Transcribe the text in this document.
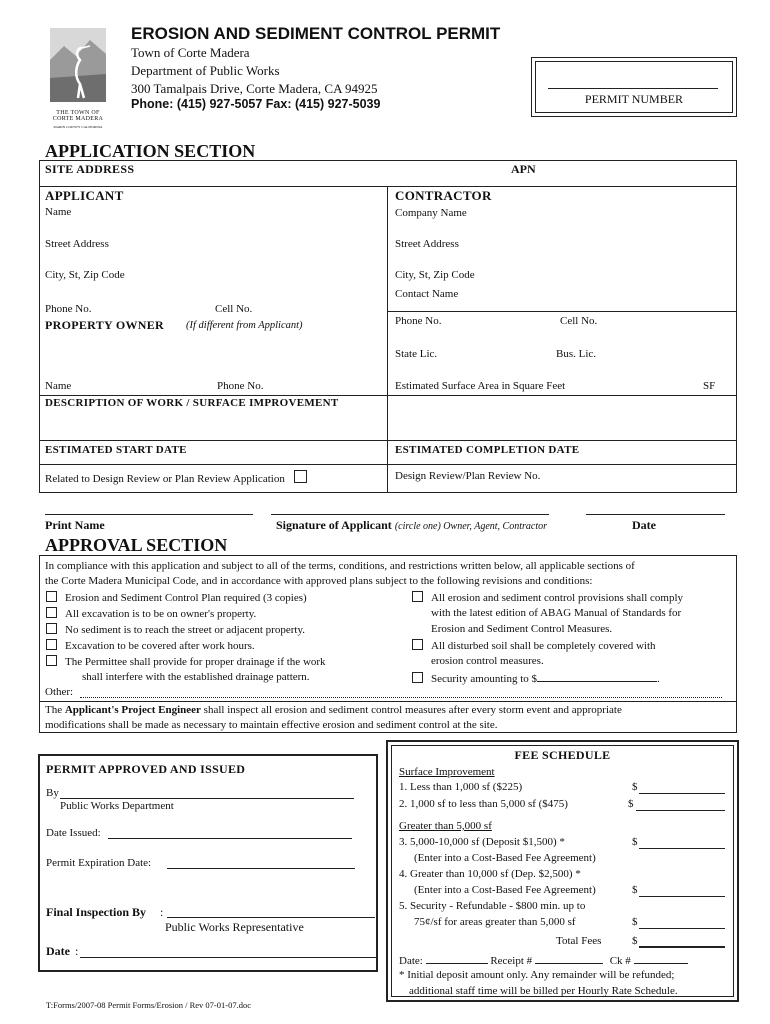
THE TOWN OF
CORTE MADERA
MARIN COUNTY CALIFORNIA
EROSION AND SEDIMENT CONTROL PERMIT
Town of Corte Madera
Department of Public Works
300 Tamalpais Drive, Corte Madera, CA 94925
Phone: (415) 927-5057 Fax: (415) 927-5039	PERMIT NUMBER
APPLICATION SECTION
SITE ADDRESS	APN
APPLICANT
Name
Street Address
City, St, Zip Code
Phone No.	Cell No.
PROPERTY OWNER (If different from Applicant)
Name	Phone No.
CONTRACTOR
Company Name
Street Address
City, St, Zip Code
Contact Name
Phone No.	Cell No.
State Lic.	Bus. Lic.
Estimated Surface Area in Square Feet	SF
DESCRIPTION OF WORK / SURFACE IMPROVEMENT
ESTIMATED START DATE	ESTIMATED COMPLETION DATE
Related to Design Review or Plan Review Application	Design Review/Plan Review No.
Print Name	Signature of Applicant (circle one) Owner, Agent, Contractor	Date
APPROVAL SECTION
In compliance with this application and subject to all of the terms, conditions, and restrictions written below, all applicable sections of
the Corte Madera Municipal Code, and in accordance with approved plans subject to the following revisions and conditions:
Erosion and Sediment Control Plan required (3 copies)
All excavation is to be on owner's property.
No sediment is to reach the street or adjacent property.
Excavation to be covered after work hours.
The Permittee shall provide for proper drainage if the work
shall interfere with the established drainage pattern.
All erosion and sediment control provisions shall comply
with the latest edition of ABAG Manual of Standards for
Erosion and Sediment Control Measures.
All disturbed soil shall be completely covered with
erosion control measures.
Security amounting to $	.
Other:
The Applicant's Project Engineer shall inspect all erosion and sediment control measures after every storm event and appropriate
modifications shall be made as necessary to maintain effective erosion and sediment control at the site.
PERMIT APPROVED AND ISSUED
By
Public Works Department
Date Issued:
Permit Expiration Date:
Final Inspection By :
Public Works Representative
Date :
FEE SCHEDULE
Surface Improvement
1. Less than 1,000 sf ($225)	$
2. 1,000 sf to less than 5,000 sf ($475)	$
Greater than 5,000 sf
3. 5,000-10,000 sf (Deposit $1,500) *	$
(Enter into a Cost-Based Fee Agreement)
4. Greater than 10,000 sf (Dep. $2,500) *
(Enter into a Cost-Based Fee Agreement)	$
5. Security - Refundable - $800 min. up to
75¢/sf for areas greater than 5,000 sf	$
Total Fees	$
Date:	Receipt #	Ck #
* Initial deposit amount only. Any remainder will be refunded;
additional staff time will be billed per Hourly Rate Schedule.
T:Forms/2007-08 Permit Forms/Erosion / Rev 07-01-07.doc
